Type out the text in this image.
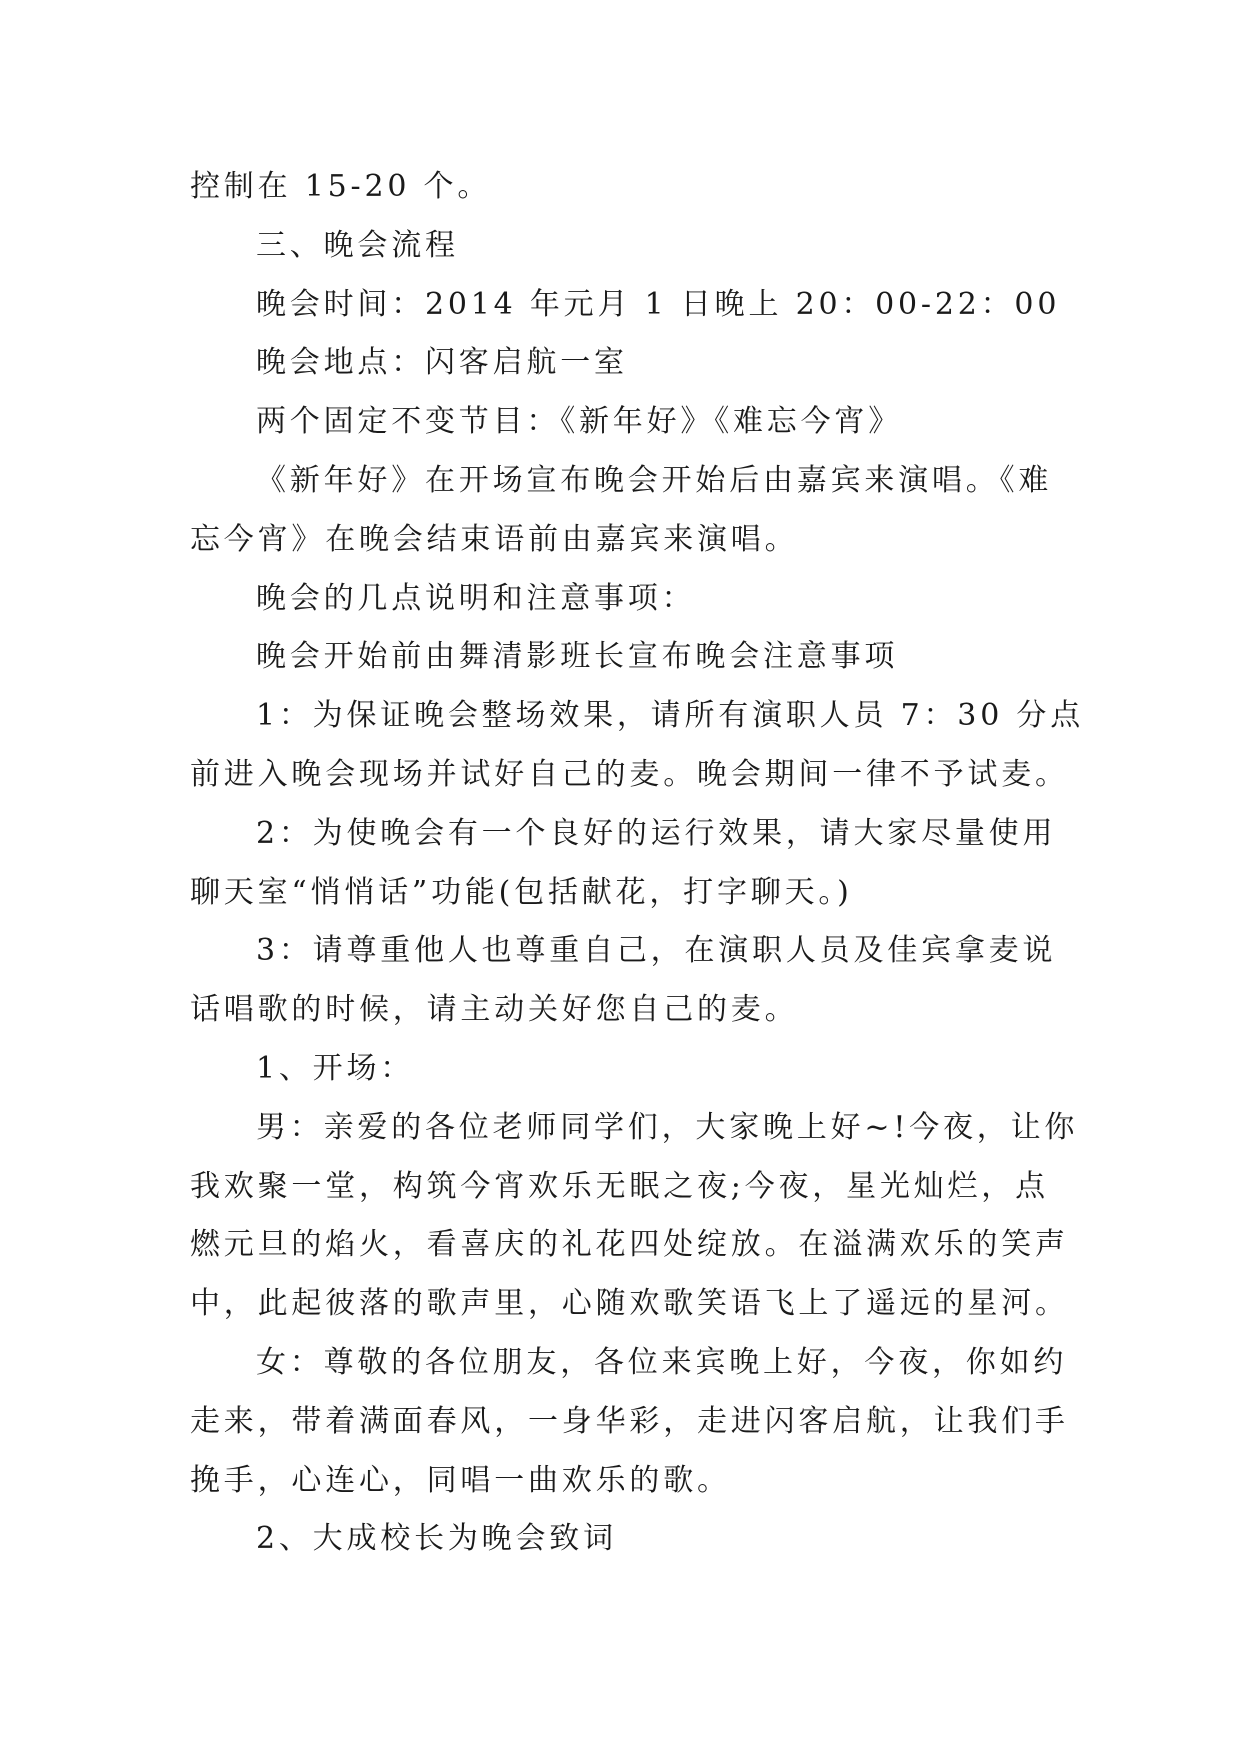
控制在 15-20 个。
三、晚会流程
晚会时间：2014 年元月 1 日晚上 20：00-22：00
晚会地点：闪客启航一室
两个固定不变节目：《新年好》《难忘今宵》
《新年好》在开场宣布晚会开始后由嘉宾来演唱。《难
忘今宵》在晚会结束语前由嘉宾来演唱。
晚会的几点说明和注意事项：
晚会开始前由舞清影班长宣布晚会注意事项
1：为保证晚会整场效果，请所有演职人员 7：30 分点
前进入晚会现场并试好自己的麦。晚会期间一律不予试麦。
2：为使晚会有一个良好的运行效果，请大家尽量使用
聊天室“悄悄话”功能(包括献花，打字聊天。)
3：请尊重他人也尊重自己，在演职人员及佳宾拿麦说
话唱歌的时候，请主动关好您自己的麦。
1、开场：
男：亲爱的各位老师同学们，大家晚上好~!今夜，让你
我欢聚一堂，构筑今宵欢乐无眠之夜;今夜，星光灿烂，点
燃元旦的焰火，看喜庆的礼花四处绽放。在溢满欢乐的笑声
中，此起彼落的歌声里，心随欢歌笑语飞上了遥远的星河。
女：尊敬的各位朋友，各位来宾晚上好，今夜，你如约
走来，带着满面春风，一身华彩，走进闪客启航，让我们手
挽手，心连心，同唱一曲欢乐的歌。
2、大成校长为晚会致词
